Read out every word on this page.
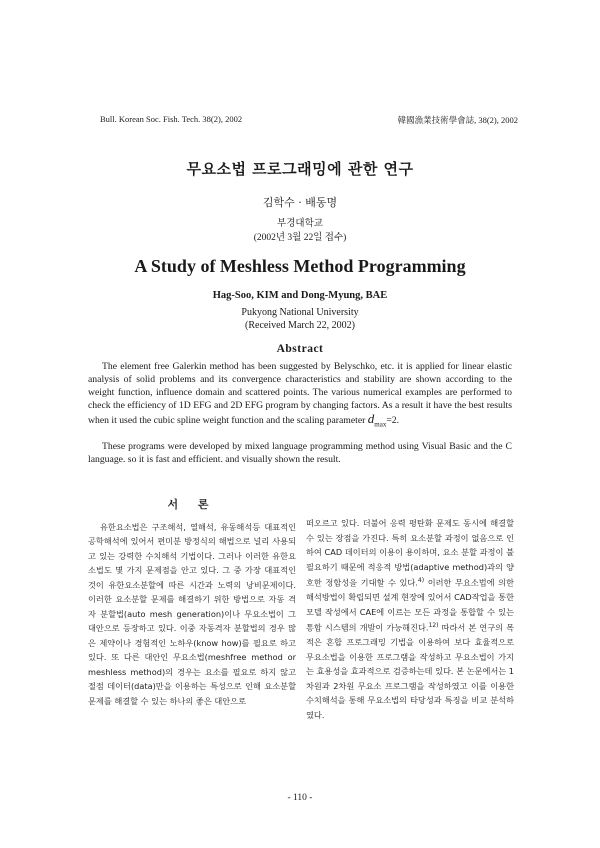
Bull. Korean Soc. Fish. Tech. 38(2), 2002	韓國漁業技術學會誌, 38(2), 2002
무요소법 프로그래밍에 관한 연구
김학수 · 배동명
부경대학교
(2002년 3월 22일 접수)
A Study of Meshless Method Programming
Hag-Soo, KIM and Dong-Myung, BAE
Pukyong National University
(Received March 22, 2002)
Abstract

The element free Galerkin method has been suggested by Belyschko, etc. it is applied for linear elastic analysis of solid problems and its convergence characteristics and stability are shown according to the weight function, influence domain and scattered points. The various numerical examples are performed to check the efficiency of 1D EFG and 2D EFG program by changing factors. As a result it have the best results when it used the cubic spline weight function and the scaling parameter $d_{max}=2$.

These programs were developed by mixed language programming method using Visual Basic and the C language. so it is fast and efficient. and visually shown the result.

서 론

유한요소법은 구조해석, 열해석, 유동해석등 대표적인 공학해석에 있어서 편미분 방정식의 해법으로 널리 사용되고 있는 강력한 수치해석 기법이다. 그러나 이러한 유한요소법도 몇 가지 문제점을 안고 있다. 그 중 가장 대표적인 것이 유한요소분할에 따른 시간과 노력의 낭비문제이다. 이러한 요소분할 문제를 해결하기 위한 방법으로 자동 격자 분할법(auto mesh generation)이나 무요소법이 그 대안으로 등장하고 있다. 이중 자동격자 분할법의 경우 많은 제약이나 경험적인 노하우(know how)를 필요로 하고 있다. 또 다른 대안인 무요소법(meshfree method or meshless method)의 경우는 요소를 필요로 하지 않고 절점 데이터(data)만을 이용하는 특성으로 인해 요소분할 문제를 해결할 수 있는 하나의 좋은 대안으로

떠오르고 있다. 더불어 응력 평탄화 문제도 동시에 해결할 수 있는 장점을 가진다. 특히 요소분할 과정이 없음으로 인하여 CAD 데이터의 이용이 용이하며, 요소 분할 과정이 불필요하기 때문에 적응적 방법(adaptive method)과의 양호한 정합성을 기대할 수 있다.$^{4)}$ 이러한 무요소법에 의한 해석방법이 확립되면 설계 현장에 있어서 CAD작업을 통한 모델 작성에서 CAE에 이르는 모든 과정을 통합할 수 있는 통합 시스템의 개발이 가능해진다.$^{12)}$ 따라서 본 연구의 목적은 혼합 프로그래밍 기법을 이용하여 보다 효율적으로 무요소법을 이용한 프로그램을 작성하고 무요소법이 가지는 효용성을 효과적으로 검증하는데 있다. 본 논문에서는 1차원과 2차원 무요소 프로그램을 작성하였고 이를 이용한 수치해석을 통해 무요소법의 타당성과 특징을 비교 분석하였다.

- 110 -
